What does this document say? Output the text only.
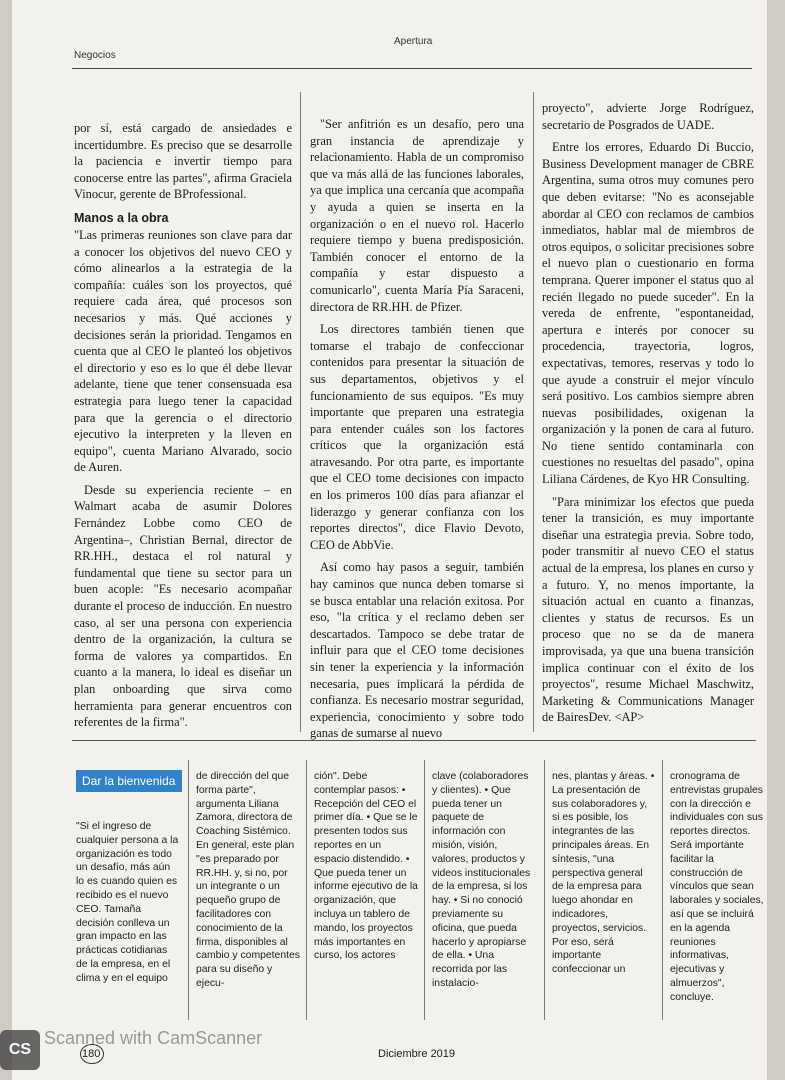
Apertura
Negocios

por sí, está cargado de ansiedades e incertidumbre. Es preciso que se desarrolle la paciencia e invertir tiempo para conocerse entre las partes", afirma Graciela Vinocur, gerente de BProfessional.

Manos a la obra

"Las primeras reuniones son clave para dar a conocer los objetivos del nuevo CEO y cómo alinearlos a la estrategia de la compañía: cuáles son los proyectos, qué requiere cada área, qué procesos son necesarios y más. Qué acciones y decisiones serán la prioridad. Tengamos en cuenta que al CEO le planteó los objetivos el directorio y eso es lo que él debe llevar adelante, tiene que tener consensuada esa estrategia para luego tener la capacidad para que la gerencia o el directorio ejecutivo la interpreten y la lleven en equipo", cuenta Mariano Alvarado, socio de Auren.

Desde su experiencia reciente – en Walmart acaba de asumir Dolores Fernández Lobbe como CEO de Argentina–, Christian Bernal, director de RR.HH., destaca el rol natural y fundamental que tiene su sector para un buen acople: "Es necesario acompañar durante el proceso de inducción. En nuestro caso, al ser una persona con experiencia dentro de la organización, la cultura se forma de valores ya compartidos. En cuanto a la manera, lo ideal es diseñar un plan onboarding que sirva como herramienta para generar encuentros con referentes de la firma".

"Ser anfitrión es un desafío, pero una gran instancia de aprendizaje y relacionamiento. Habla de un compromiso que va más allá de las funciones laborales, ya que implica una cercanía que acompaña y ayuda a quien se inserta en la organización o en el nuevo rol. Hacerlo requiere tiempo y buena predisposición. También conocer el entorno de la compañía y estar dispuesto a comunicarlo", cuenta María Pía Saraceni, directora de RR.HH. de Pfizer.

Los directores también tienen que tomarse el trabajo de confeccionar contenidos para presentar la situación de sus departamentos, objetivos y el funcionamiento de sus equipos. "Es muy importante que preparen una estrategia para entender cuáles son los factores críticos que la organización está atravesando. Por otra parte, es importante que el CEO tome decisiones con impacto en los primeros 100 días para afianzar el liderazgo y generar confianza con los reportes directos", dice Flavio Devoto, CEO de AbbVie.

Así como hay pasos a seguir, también hay caminos que nunca deben tomarse si se busca entablar una relación exitosa. Por eso, "la crítica y el reclamo deben ser descartados. Tampoco se debe tratar de influir para que el CEO tome decisiones sin tener la experiencia y la información necesaria, pues implicará la pérdida de confianza. Es necesario mostrar seguridad, experiencia, conocimiento y sobre todo ganas de sumarse al nuevo

proyecto", advierte Jorge Rodríguez, secretario de Posgrados de UADE.

Entre los errores, Eduardo Di Buccio, Business Development manager de CBRE Argentina, suma otros muy comunes pero que deben evitarse: "No es aconsejable abordar al CEO con reclamos de cambios inmediatos, hablar mal de miembros de otros equipos, o solicitar precisiones sobre el nuevo plan o cuestionario en forma temprana. Querer imponer el status quo al recién llegado no puede suceder". En la vereda de enfrente, "espontaneidad, apertura e interés por conocer su procedencia, trayectoria, logros, expectativas, temores, reservas y todo lo que ayude a construir el mejor vínculo será positivo. Los cambios siempre abren nuevas posibilidades, oxigenan la organización y la ponen de cara al futuro. No tiene sentido contaminarla con cuestiones no resueltas del pasado", opina Liliana Cárdenes, de Kyo HR Consulting.

"Para minimizar los efectos que pueda tener la transición, es muy importante diseñar una estrategia previa. Sobre todo, poder transmitir al nuevo CEO el status actual de la empresa, los planes en curso y a futuro. Y, no menos importante, la situación actual en cuanto a finanzas, clientes y status de recursos. Es un proceso que no se da de manera improvisada, ya que una buena transición implica continuar con el éxito de los proyectos", resume Michael Maschwitz, Marketing & Communications Manager de BairesDev. <AP>

Dar la bienvenida

"Si el ingreso de cualquier persona a la organización es todo un desafío, más aún lo es cuando quien es recibido es el nuevo CEO. Tamaña decisión conlleva un gran impacto en las prácticas cotidianas de la empresa, en el clima y en el equipo

de dirección del que forma parte", argumenta Liliana Zamora, directora de Coaching Sistémico. En general, este plan "es preparado por RR.HH. y, si no, por un integrante o un pequeño grupo de facilitadores con conocimiento de la firma, disponibles al cambio y competentes para su diseño y ejecu-

ción". Debe contemplar pasos: • Recepción del CEO el primer día. • Que se le presenten todos sus reportes en un espacio distendido. • Que pueda tener un informe ejecutivo de la organización, que incluya un tablero de mando, los proyectos más importantes en curso, los actores

clave (colaboradores y clientes). • Que pueda tener un paquete de información con misión, visión, valores, productos y videos institucionales de la empresa, si los hay. • Si no conoció previamente su oficina, que pueda hacerlo y apropiarse de ella. • Una recorrida por las instalacio-

nes, plantas y áreas. • La presentación de sus colaboradores y, si es posible, los integrantes de las principales áreas. En síntesis, "una perspectiva general de la empresa para luego ahondar en indicadores, proyectos, servicios. Por eso, será importante confeccionar un

cronograma de entrevistas grupales con la dirección e individuales con sus reportes directos. Será importante facilitar la construcción de vínculos que sean laborales y sociales, así que se incluirá en la agenda reuniones informativas, ejecutivas y almuerzos", concluye.

180	Diciembre 2019
CS
Scanned with CamScanner
